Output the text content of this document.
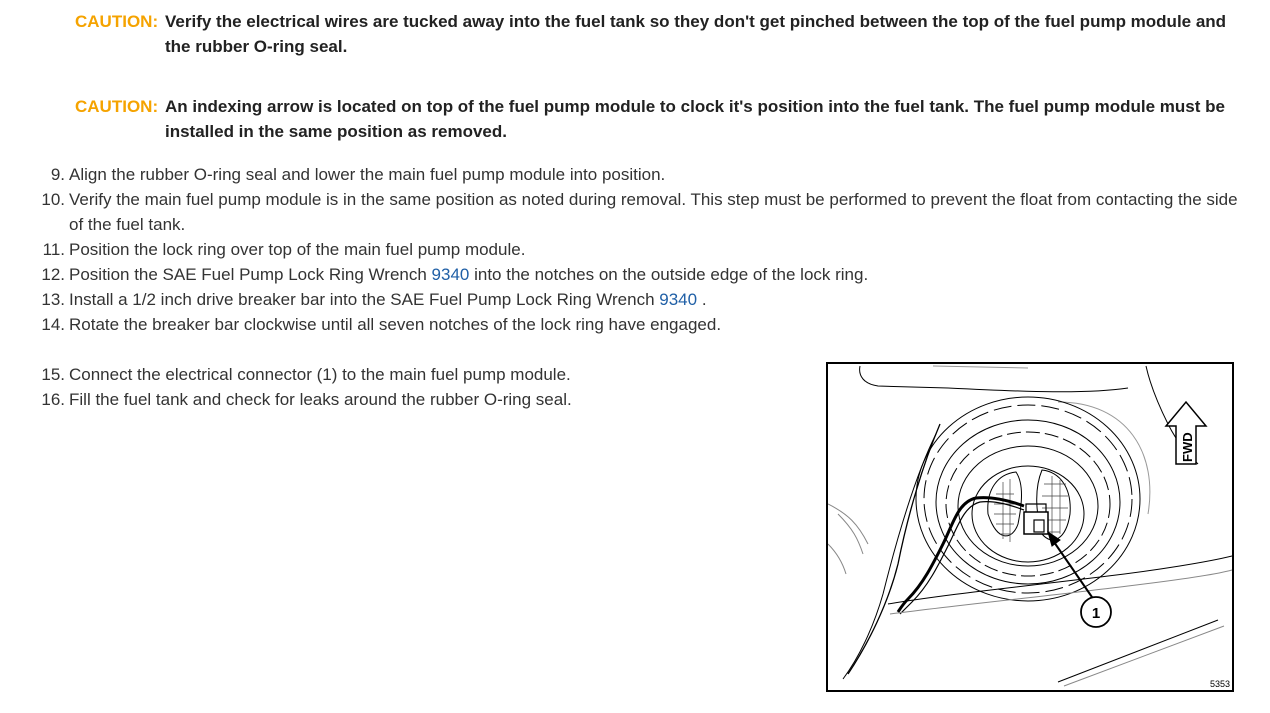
CAUTION: Verify the electrical wires are tucked away into the fuel tank so they don't get pinched between the top of the fuel pump module and the rubber O-ring seal.
CAUTION: An indexing arrow is located on top of the fuel pump module to clock it's position into the fuel tank. The fuel pump module must be installed in the same position as removed.
9. Align the rubber O-ring seal and lower the main fuel pump module into position.
10. Verify the main fuel pump module is in the same position as noted during removal. This step must be performed to prevent the float from contacting the side of the fuel tank.
11. Position the lock ring over top of the main fuel pump module.
12. Position the SAE Fuel Pump Lock Ring Wrench 9340 into the notches on the outside edge of the lock ring.
13. Install a 1/2 inch drive breaker bar into the SAE Fuel Pump Lock Ring Wrench 9340 .
14. Rotate the breaker bar clockwise until all seven notches of the lock ring have engaged.
15. Connect the electrical connector (1) to the main fuel pump module.
16. Fill the fuel tank and check for leaks around the rubber O-ring seal.
1
FWD
5353
